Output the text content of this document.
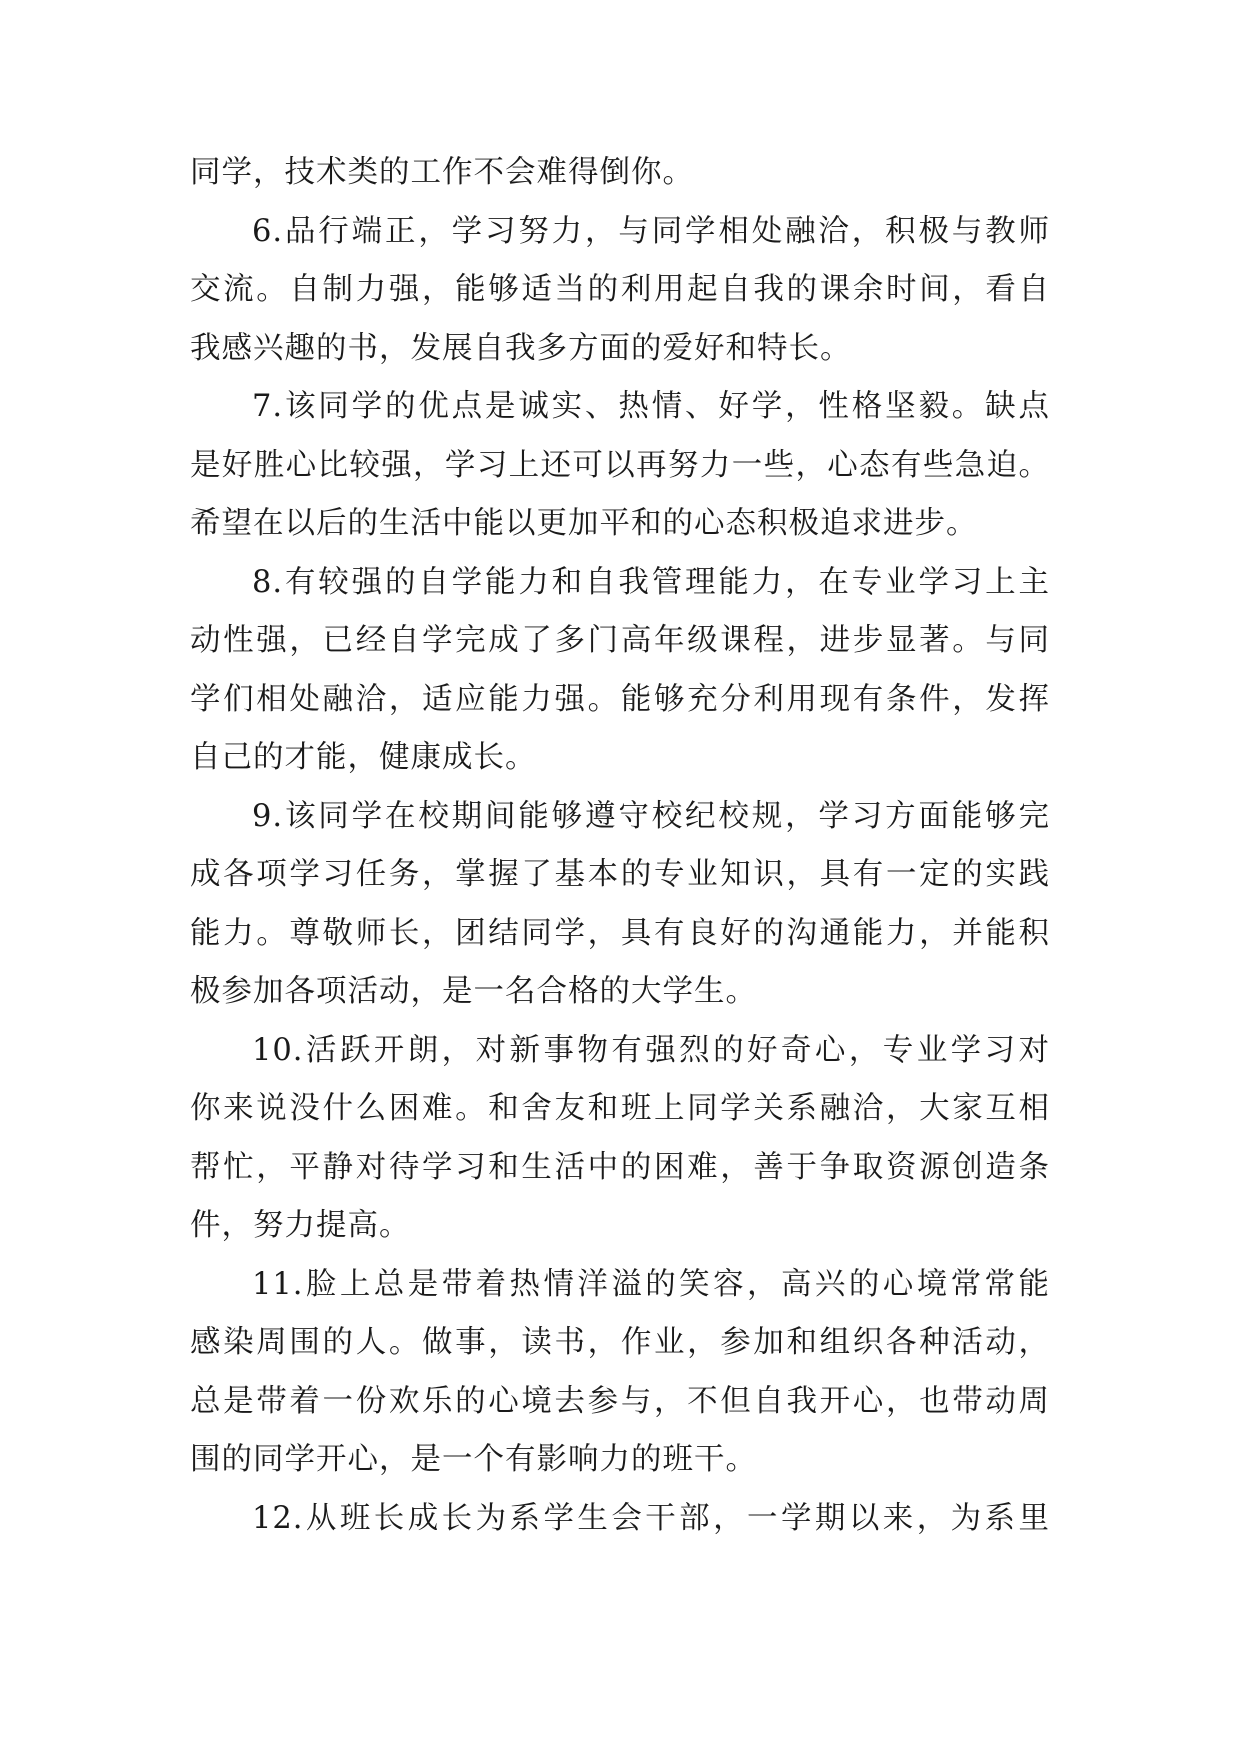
同学，技术类的工作不会难得倒你。
6.品行端正，学习努力，与同学相处融洽，积极与教师
交流。自制力强，能够适当的利用起自我的课余时间，看自
我感兴趣的书，发展自我多方面的爱好和特长。
7.该同学的优点是诚实、热情、好学，性格坚毅。缺点
是好胜心比较强，学习上还可以再努力一些，心态有些急迫。
希望在以后的生活中能以更加平和的心态积极追求进步。
8.有较强的自学能力和自我管理能力，在专业学习上主
动性强，已经自学完成了多门高年级课程，进步显著。与同
学们相处融洽，适应能力强。能够充分利用现有条件，发挥
自己的才能，健康成长。
9.该同学在校期间能够遵守校纪校规，学习方面能够完
成各项学习任务，掌握了基本的专业知识，具有一定的实践
能力。尊敬师长，团结同学，具有良好的沟通能力，并能积
极参加各项活动，是一名合格的大学生。
10.活跃开朗，对新事物有强烈的好奇心，专业学习对
你来说没什么困难。和舍友和班上同学关系融洽，大家互相
帮忙，平静对待学习和生活中的困难，善于争取资源创造条
件，努力提高。
11.脸上总是带着热情洋溢的笑容，高兴的心境常常能
感染周围的人。做事，读书，作业，参加和组织各种活动，
总是带着一份欢乐的心境去参与，不但自我开心，也带动周
围的同学开心，是一个有影响力的班干。
12.从班长成长为系学生会干部，一学期以来，为系里
